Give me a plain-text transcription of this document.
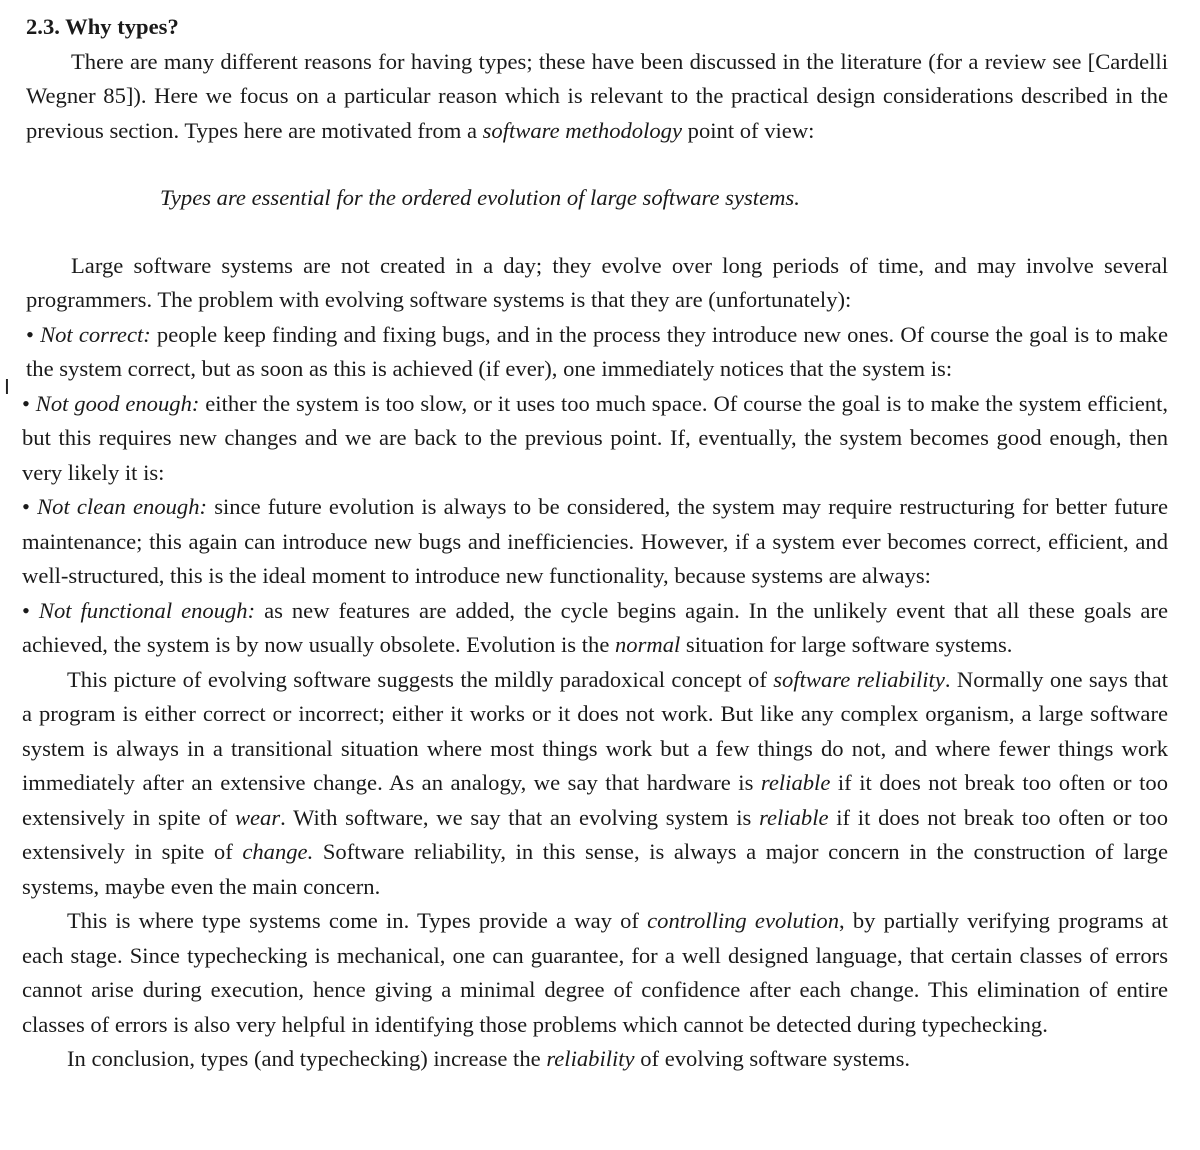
I
2.3. Why types?
There are many different reasons for having types; these have been discussed in the literature (for a review see [Cardelli Wegner 85]). Here we focus on a particular reason which is relevant to the practical design considerations described in the previous section. Types here are motivated from a software methodology point of view:
Types are essential for the ordered evolution of large software systems.
Large software systems are not created in a day; they evolve over long periods of time, and may involve several programmers. The problem with evolving software systems is that they are (unfortunately):
• Not correct: people keep finding and fixing bugs, and in the process they introduce new ones. Of course the goal is to make the system correct, but as soon as this is achieved (if ever), one immediately notices that the system is:
• Not good enough: either the system is too slow, or it uses too much space. Of course the goal is to make the system efficient, but this requires new changes and we are back to the previous point. If, eventually, the system becomes good enough, then very likely it is:
• Not clean enough: since future evolution is always to be considered, the system may require restructuring for better future maintenance; this again can introduce new bugs and inefficiencies. However, if a system ever becomes correct, efficient, and well-structured, this is the ideal moment to introduce new functionality, because systems are always:
• Not functional enough: as new features are added, the cycle begins again. In the unlikely event that all these goals are achieved, the system is by now usually obsolete. Evolution is the normal situation for large software systems.
This picture of evolving software suggests the mildly paradoxical concept of software reliability. Normally one says that a program is either correct or incorrect; either it works or it does not work. But like any complex organism, a large software system is always in a transitional situation where most things work but a few things do not, and where fewer things work immediately after an extensive change. As an analogy, we say that hardware is reliable if it does not break too often or too extensively in spite of wear. With software, we say that an evolving system is reliable if it does not break too often or too extensively in spite of change. Software reliability, in this sense, is always a major concern in the construction of large systems, maybe even the main concern.
This is where type systems come in. Types provide a way of controlling evolution, by partially verifying programs at each stage. Since typechecking is mechanical, one can guarantee, for a well designed language, that certain classes of errors cannot arise during execution, hence giving a minimal degree of confidence after each change. This elimination of entire classes of errors is also very helpful in identifying those problems which cannot be detected during typechecking.
In conclusion, types (and typechecking) increase the reliability of evolving software systems.
